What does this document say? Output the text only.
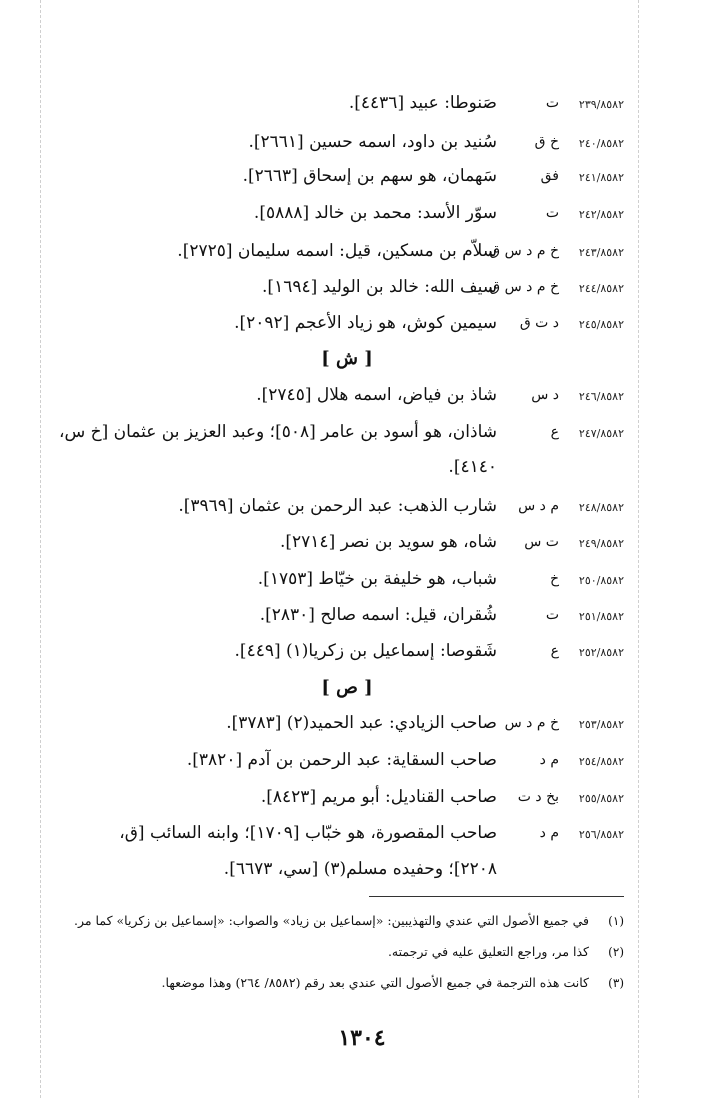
٢٣٩/٨٥٨٢
ت
صَنوطا: عبيد [٤٤٣٦].
٢٤٠/٨٥٨٢
خ ق
سُنيد بن داود، اسمه حسين [٢٦٦١].
٢٤١/٨٥٨٢
فق
سَهمان، هو سهم بن إسحاق [٢٦٦٣].
٢٤٢/٨٥٨٢
ت
سوّر الأسد: محمد بن خالد [٥٨٨٨].
٢٤٣/٨٥٨٢
خ م د س ق
سلاّم بن مسكين، قيل: اسمه سليمان [٢٧٢٥].
٢٤٤/٨٥٨٢
خ م د س ق
سيف الله: خالد بن الوليد [١٦٩٤].
٢٤٥/٨٥٨٢
د ت ق
سيمين كوش، هو زياد الأعجم [٢٠٩٢].
[ ش ]
٢٤٦/٨٥٨٢
د س
شاذ بن فياض، اسمه هلال [٢٧٤٥].
٢٤٧/٨٥٨٢
ع
شاذان، هو أسود بن عامر [٥٠٨]؛ وعبد العزيز بن عثمان [خ س،
٤١٤٠].
٢٤٨/٨٥٨٢
م د س
شارب الذهب: عبد الرحمن بن عثمان [٣٩٦٩].
٢٤٩/٨٥٨٢
ت س
شاه، هو سويد بن نصر [٢٧١٤].
٢٥٠/٨٥٨٢
خ
شباب، هو خليفة بن خيّاط [١٧٥٣].
٢٥١/٨٥٨٢
ت
شُقران، قيل: اسمه صالح [٢٨٣٠].
٢٥٢/٨٥٨٢
ع
شَقوصا: إسماعيل بن زكريا(١) [٤٤٩].
[ ص ]
٢٥٣/٨٥٨٢
خ م د س
صاحب الزيادي: عبد الحميد(٢) [٣٧٨٣].
٢٥٤/٨٥٨٢
م د
صاحب السقاية: عبد الرحمن بن آدم [٣٨٢٠].
٢٥٥/٨٥٨٢
بخ د ت
صاحب القناديل: أبو مريم [٨٤٢٣].
٢٥٦/٨٥٨٢
م د
صاحب المقصورة، هو خبّاب [١٧٠٩]؛ وابنه السائب [ق،
٢٢٠٨]؛ وحفيده مسلم(٣) [سي، ٦٦٧٣].
(١)
في جميع الأصول التي عندي والتهذيبين: «إسماعيل بن زياد» والصواب: «إسماعيل بن زكريا» كما مر.
(٢)
كذا مر، وراجع التعليق عليه في ترجمته.
(٣)
كانت هذه الترجمة في جميع الأصول التي عندي بعد رقم (٨٥٨٢/ ٢٦٤) وهذا موضعها.
١٣٠٤
